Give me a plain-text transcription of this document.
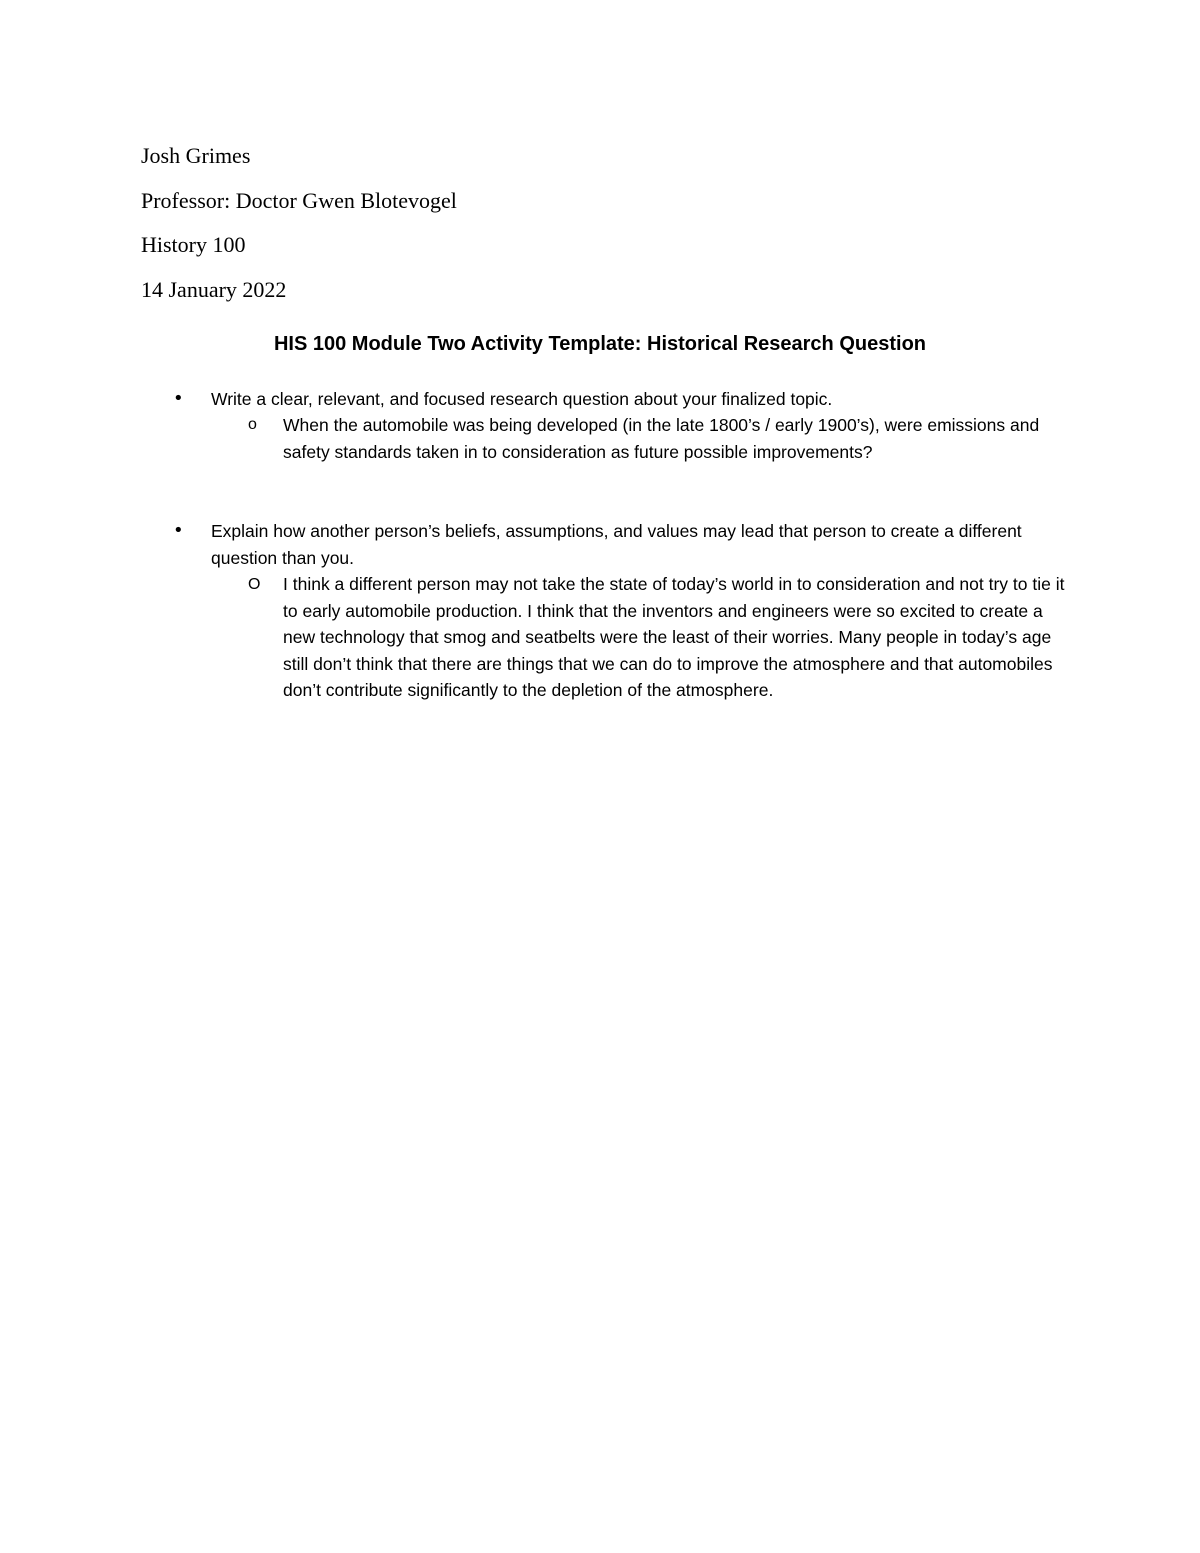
Josh Grimes
Professor: Doctor Gwen Blotevogel
History 100
14 January 2022
HIS 100 Module Two Activity Template: Historical Research Question
• Write a clear, relevant, and focused research question about your finalized topic.
o When the automobile was being developed (in the late 1800’s / early 1900’s), were emissions and safety standards taken in to consideration as future possible improvements?
• Explain how another person’s beliefs, assumptions, and values may lead that person to create a different question than you.
O I think a different person may not take the state of today’s world in to consideration and not try to tie it to early automobile production. I think that the inventors and engineers were so excited to create a new technology that smog and seatbelts were the least of their worries. Many people in today’s age still don’t think that there are things that we can do to improve the atmosphere and that automobiles don’t contribute significantly to the depletion of the atmosphere.
